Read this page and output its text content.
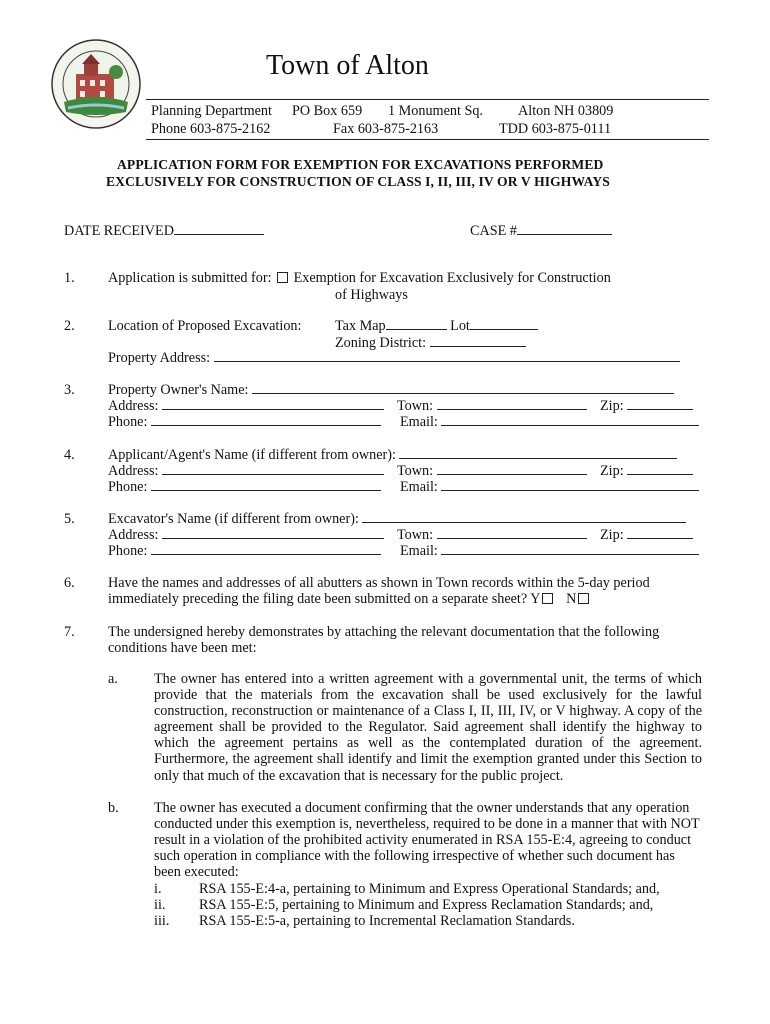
Town of Alton
Planning Department PO Box 659 1 Monument Sq. Alton NH 03809
Phone 603-875-2162	Fax 603-875-2163	TDD 603-875-0111
APPLICATION FORM FOR EXEMPTION FOR EXCAVATIONS PERFORMED
EXCLUSIVELY FOR CONSTRUCTION OF CLASS I, II, III, IV OR V HIGHWAYS
DATE RECEIVED	CASE #
1. Application is submitted for: Exemption for Excavation Exclusively for Construction
of Highways
2. Location of Proposed Excavation: Tax Map	Lot
Zoning District:
Property Address:
3. Property Owner's Name:
Address:	Town:	Zip:
Phone:	Email:
4. Applicant/Agent's Name (if different from owner):
Address:	Town:	Zip:
Phone:	Email:
5. Excavator's Name (if different from owner):
Address:	Town:	Zip:
Phone:	Email:
6. Have the names and addresses of all abutters as shown in Town records within the 5-day period
immediately preceding the filing date been submitted on a separate sheet? Y N
7. The undersigned hereby demonstrates by attaching the relevant documentation that the following
conditions have been met:
a.	The owner has entered into a written agreement with a governmental unit, the terms of which provide that the materials from the excavation shall be used exclusively for the lawful construction, reconstruction or maintenance of a Class I, II, III, IV, or V highway. A copy of the agreement shall be provided to the Regulator. Said agreement shall identify the highway to which the agreement pertains as well as the contemplated duration of the agreement. Furthermore, the agreement shall identify and limit the exemption granted under this Section to only that much of the excavation that is necessary for the public project.
b. The owner has executed a document confirming that the owner understands that any operation conducted under this exemption is, nevertheless, required to be done in a manner that with NOT result in a violation of the prohibited activity enumerated in RSA 155-E:4, agreeing to conduct such operation in compliance with the following irrespective of whether such document has been executed:
i.	RSA 155-E:4-a, pertaining to Minimum and Express Operational Standards; and,
ii. RSA 155-E:5, pertaining to Minimum and Express Reclamation Standards; and,
iii. RSA 155-E:5-a, pertaining to Incremental Reclamation Standards.
